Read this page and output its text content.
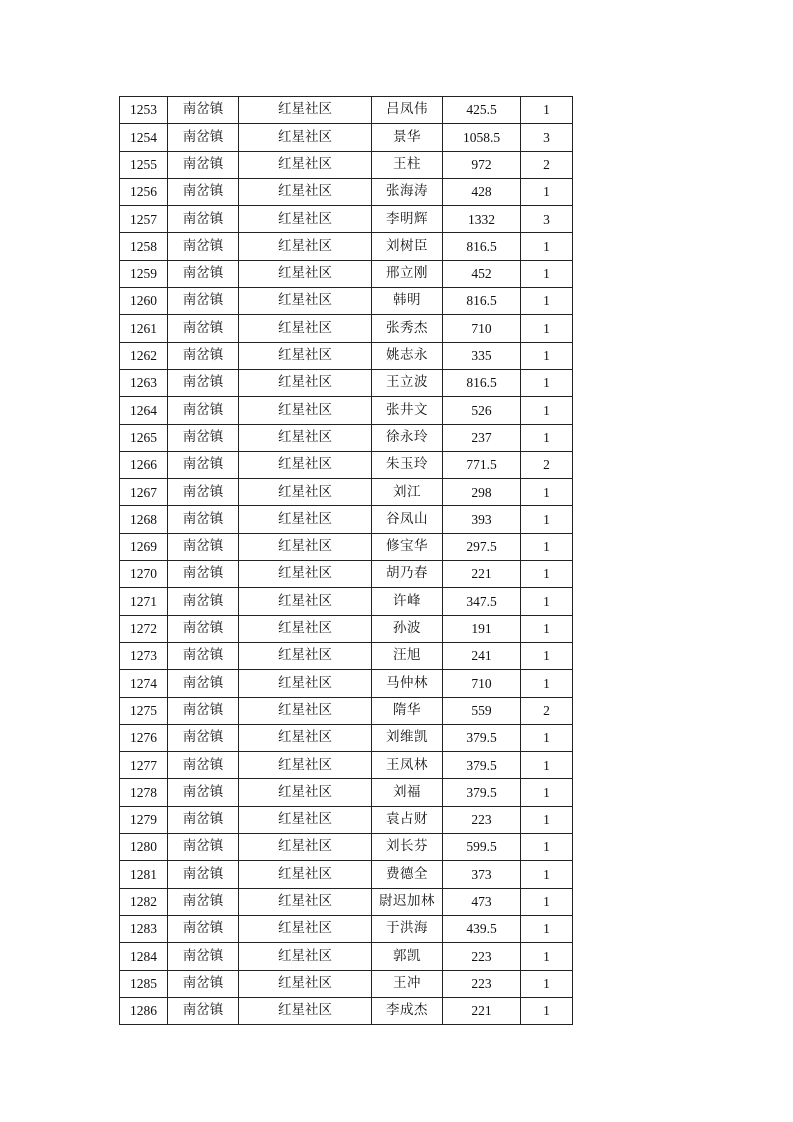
1253	南岔镇	红星社区	吕凤伟	425.5	1
1254	南岔镇	红星社区	景华	1058.5	3
1255	南岔镇	红星社区	王柱	972	2
1256	南岔镇	红星社区	张海涛	428	1
1257	南岔镇	红星社区	李明辉	1332	3
1258	南岔镇	红星社区	刘树臣	816.5	1
1259	南岔镇	红星社区	邢立刚	452	1
1260	南岔镇	红星社区	韩明	816.5	1
1261	南岔镇	红星社区	张秀杰	710	1
1262	南岔镇	红星社区	姚志永	335	1
1263	南岔镇	红星社区	王立波	816.5	1
1264	南岔镇	红星社区	张井文	526	1
1265	南岔镇	红星社区	徐永玲	237	1
1266	南岔镇	红星社区	朱玉玲	771.5	2
1267	南岔镇	红星社区	刘江	298	1
1268	南岔镇	红星社区	谷凤山	393	1
1269	南岔镇	红星社区	修宝华	297.5	1
1270	南岔镇	红星社区	胡乃春	221	1
1271	南岔镇	红星社区	许峰	347.5	1
1272	南岔镇	红星社区	孙波	191	1
1273	南岔镇	红星社区	汪旭	241	1
1274	南岔镇	红星社区	马仲林	710	1
1275	南岔镇	红星社区	隋华	559	2
1276	南岔镇	红星社区	刘维凯	379.5	1
1277	南岔镇	红星社区	王凤林	379.5	1
1278	南岔镇	红星社区	刘福	379.5	1
1279	南岔镇	红星社区	袁占财	223	1
1280	南岔镇	红星社区	刘长芬	599.5	1
1281	南岔镇	红星社区	费德全	373	1
1282	南岔镇	红星社区	尉迟加林	473	1
1283	南岔镇	红星社区	于洪海	439.5	1
1284	南岔镇	红星社区	郭凯	223	1
1285	南岔镇	红星社区	王冲	223	1
1286	南岔镇	红星社区	李成杰	221	1
